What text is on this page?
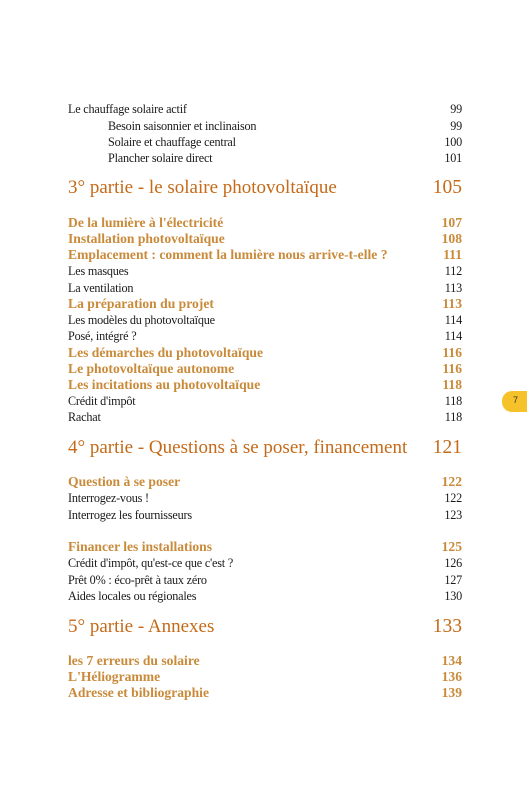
Le chauffage solaire actif	99
Besoin saisonnier et inclinaison	99
Solaire et chauffage central	100
Plancher solaire direct	101
3° partie - le solaire photovoltaïque	105
De la lumière à l'électricité	107
Installation photovoltaïque	108
Emplacement : comment la lumière nous arrive-t-elle ?	111
Les masques	112
La ventilation	113
La préparation du projet	113
Les modèles du photovoltaïque	114
Posé, intégré ?	114
Les démarches du photovoltaïque	116
Le photovoltaïque autonome	116
Les incitations au photovoltaïque	118
Crédit d'impôt	118
Rachat	118
4° partie - Questions à se poser, financement 121
Question à se poser	122
Interrogez-vous !	122
Interrogez les fournisseurs	123
Financer les installations	125
Crédit d'impôt, qu'est-ce que c'est ?	126
Prêt 0% : éco-prêt à taux zéro	127
Aides locales ou régionales	130
5° partie - Annexes	133
les 7 erreurs du solaire	134
L'Héliogramme	136
Adresse et bibliographie	139
7
